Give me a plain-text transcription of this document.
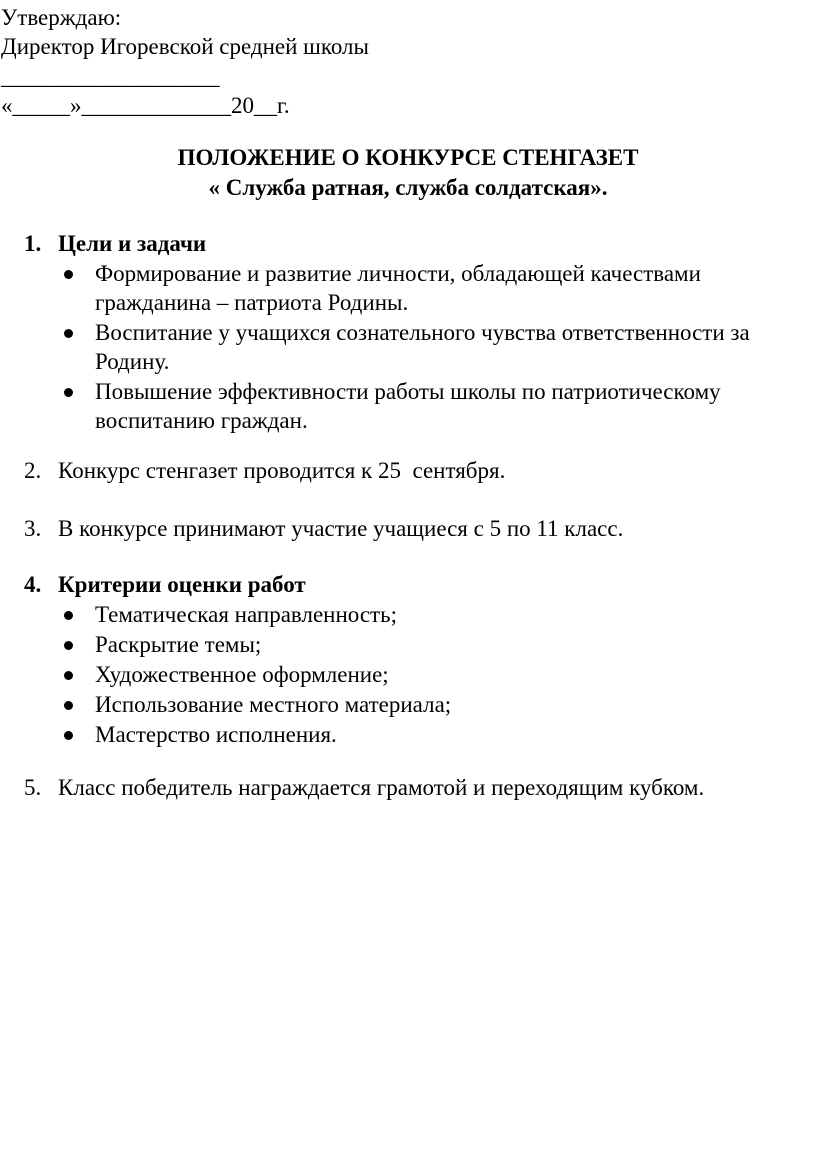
Утверждаю:
Директор Игоревской средней школы
___________________
«_____»_____________20__г.
ПОЛОЖЕНИЕ О КОНКУРСЕ СТЕНГАЗЕТ
« Служба ратная, служба солдатская».
1. Цели и задачи
Формирование и развитие личности, обладающей качествами гражданина – патриота Родины.
Воспитание у учащихся сознательного чувства ответственности за Родину.
Повышение эффективности работы школы по патриотическому воспитанию граждан.
2. Конкурс стенгазет проводится к 25  сентября.
3. В конкурсе принимают участие учащиеся с 5 по 11 класс.
4. Критерии оценки работ
Тематическая направленность;
Раскрытие темы;
Художественное оформление;
Использование местного материала;
Мастерство исполнения.
5. Класс победитель награждается грамотой и переходящим кубком.
